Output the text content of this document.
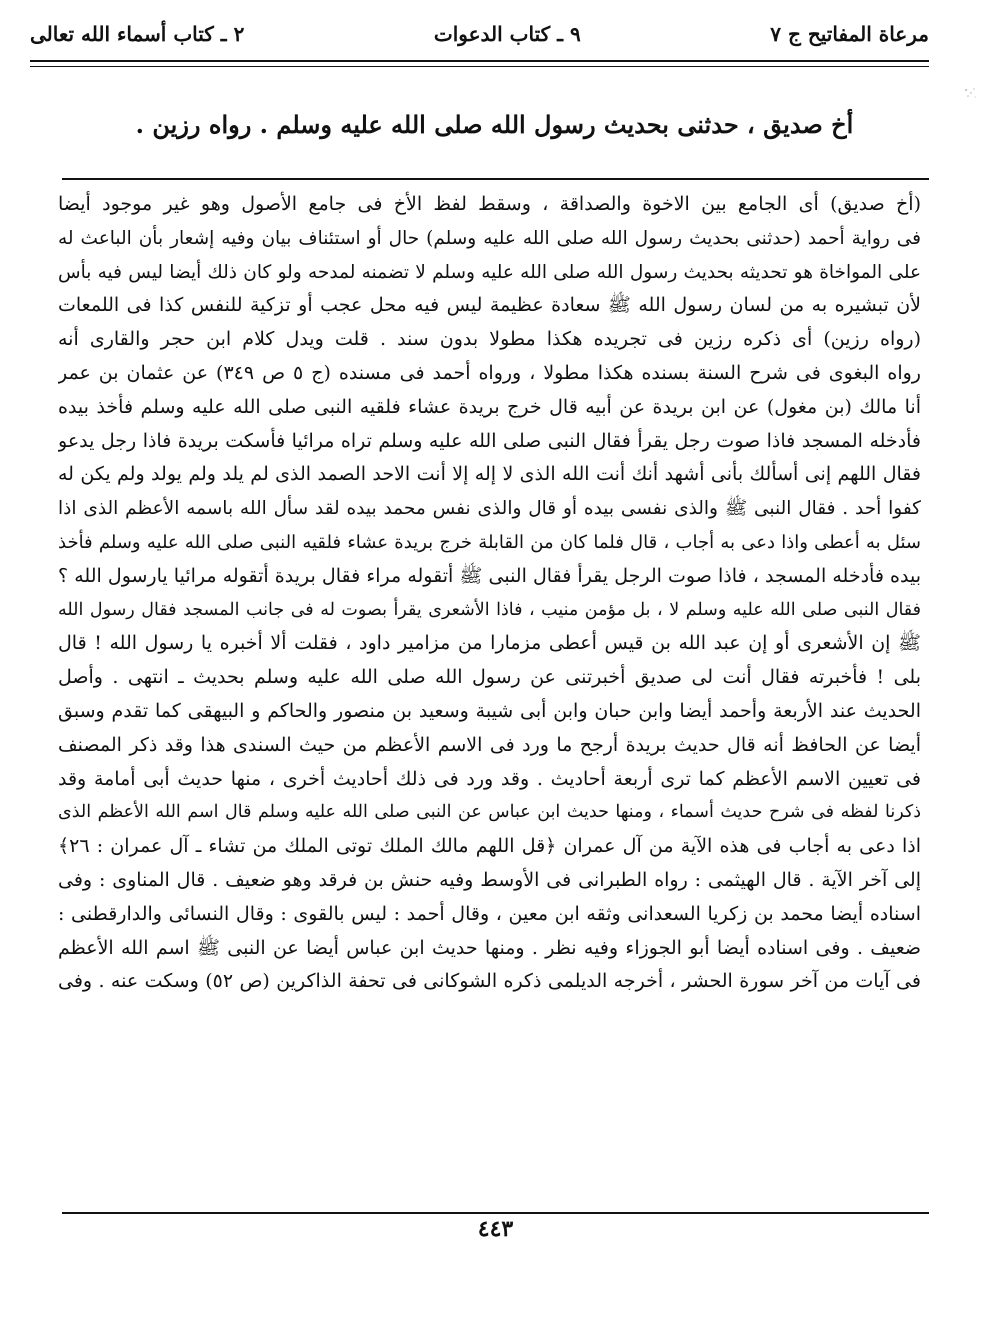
مرعاة المفاتيح ج ٧
٩ ـ كتاب الدعوات
٢ ـ كتاب أسماء الله تعالى
أخ صديق ، حدثنى بحديث رسول الله صلى الله عليه وسلم . رواه رزين .
(أخ صديق) أى الجامع بين الاخوة والصداقة ، وسقط لفظ الأخ فى جامع الأصول وهو غير موجود أيضا
فى رواية أحمد (حدثنى بحديث رسول الله صلى الله عليه وسلم) حال أو استئناف بيان وفيه إشعار بأن الباعث له
على المواخاة هو تحديثه بحديث رسول الله صلى الله عليه وسلم لا تضمنه لمدحه ولو كان ذلك أيضا ليس فيه بأس
لأن تبشيره به من لسان رسول الله ﷺ سعادة عظيمة ليس فيه محل عجب أو تزكية للنفس كذا فى اللمعات
(رواه رزين) أى ذكره رزين فى تجريده هكذا مطولا بدون سند . قلت ويدل كلام ابن حجر والقارى أنه
رواه البغوى فى شرح السنة بسنده هكذا مطولا ، ورواه أحمد فى مسنده (ج ٥ ص ٣٤٩) عن عثمان بن عمر
أنا مالك (بن مغول) عن ابن بريدة عن أبيه قال خرج بريدة عشاء فلقيه النبى صلى الله عليه وسلم فأخذ بيده
فأدخله المسجد فاذا صوت رجل يقرأ فقال النبى صلى الله عليه وسلم تراه مرائيا فأسكت بريدة فاذا رجل يدعو
فقال اللهم إنى أسألك بأنى أشهد أنك أنت الله الذى لا إله إلا أنت الاحد الصمد الذى لم يلد ولم يولد ولم يكن له
كفوا أحد . فقال النبى ﷺ والذى نفسى بيده أو قال والذى نفس محمد بيده لقد سأل الله باسمه الأعظم الذى اذا
سئل به أعطى واذا دعى به أجاب ، قال فلما كان من القابلة خرج بريدة عشاء فلقيه النبى صلى الله عليه وسلم فأخذ
بيده فأدخله المسجد ، فاذا صوت الرجل يقرأ فقال النبى ﷺ أتقوله مراء فقال بريدة أتقوله مرائيا يارسول الله ؟
فقال النبى صلى الله عليه وسلم لا ، بل مؤمن منيب ، فاذا الأشعرى يقرأ بصوت له فى جانب المسجد فقال رسول الله
ﷺ إن الأشعرى أو إن عبد الله بن قيس أعطى مزمارا من مزامير داود ، فقلت ألا أخبره يا رسول الله ! قال
بلى ! فأخبرته فقال أنت لى صديق أخبرتنى عن رسول الله صلى الله عليه وسلم بحديث ـ انتهى . وأصل
الحديث عند الأربعة وأحمد أيضا وابن حبان وابن أبى شيبة وسعيد بن منصور والحاكم و البيهقى كما تقدم وسبق
أيضا عن الحافظ أنه قال حديث بريدة أرجح ما ورد فى الاسم الأعظم من حيث السندى هذا وقد ذكر المصنف
فى تعيين الاسم الأعظم كما ترى أربعة أحاديث . وقد ورد فى ذلك أحاديث أخرى ، منها حديث أبى أمامة وقد
ذكرنا لفظه فى شرح حديث أسماء ، ومنها حديث ابن عباس عن النبى صلى الله عليه وسلم قال اسم الله الأعظم الذى
اذا دعى به أجاب فى هذه الآية من آل عمران ﴿قل اللهم مالك الملك توتى الملك من تشاء ـ آل عمران : ٢٦﴾
إلى آخر الآية . قال الهيثمى : رواه الطبرانى فى الأوسط وفيه حنش بن فرقد وهو ضعيف . قال المناوى : وفى
اسناده أيضا محمد بن زكريا السعدانى وثقه ابن معين ، وقال أحمد : ليس بالقوى : وقال النسائى والدارقطنى :
ضعيف . وفى اسناده أيضا أبو الجوزاء وفيه نظر . ومنها حديث ابن عباس أيضا عن النبى ﷺ اسم الله الأعظم
فى آيات من آخر سورة الحشر ، أخرجه الديلمى ذكره الشوكانى فى تحفة الذاكرين (ص ٥٢) وسكت عنه . وفى
٤٤٣
